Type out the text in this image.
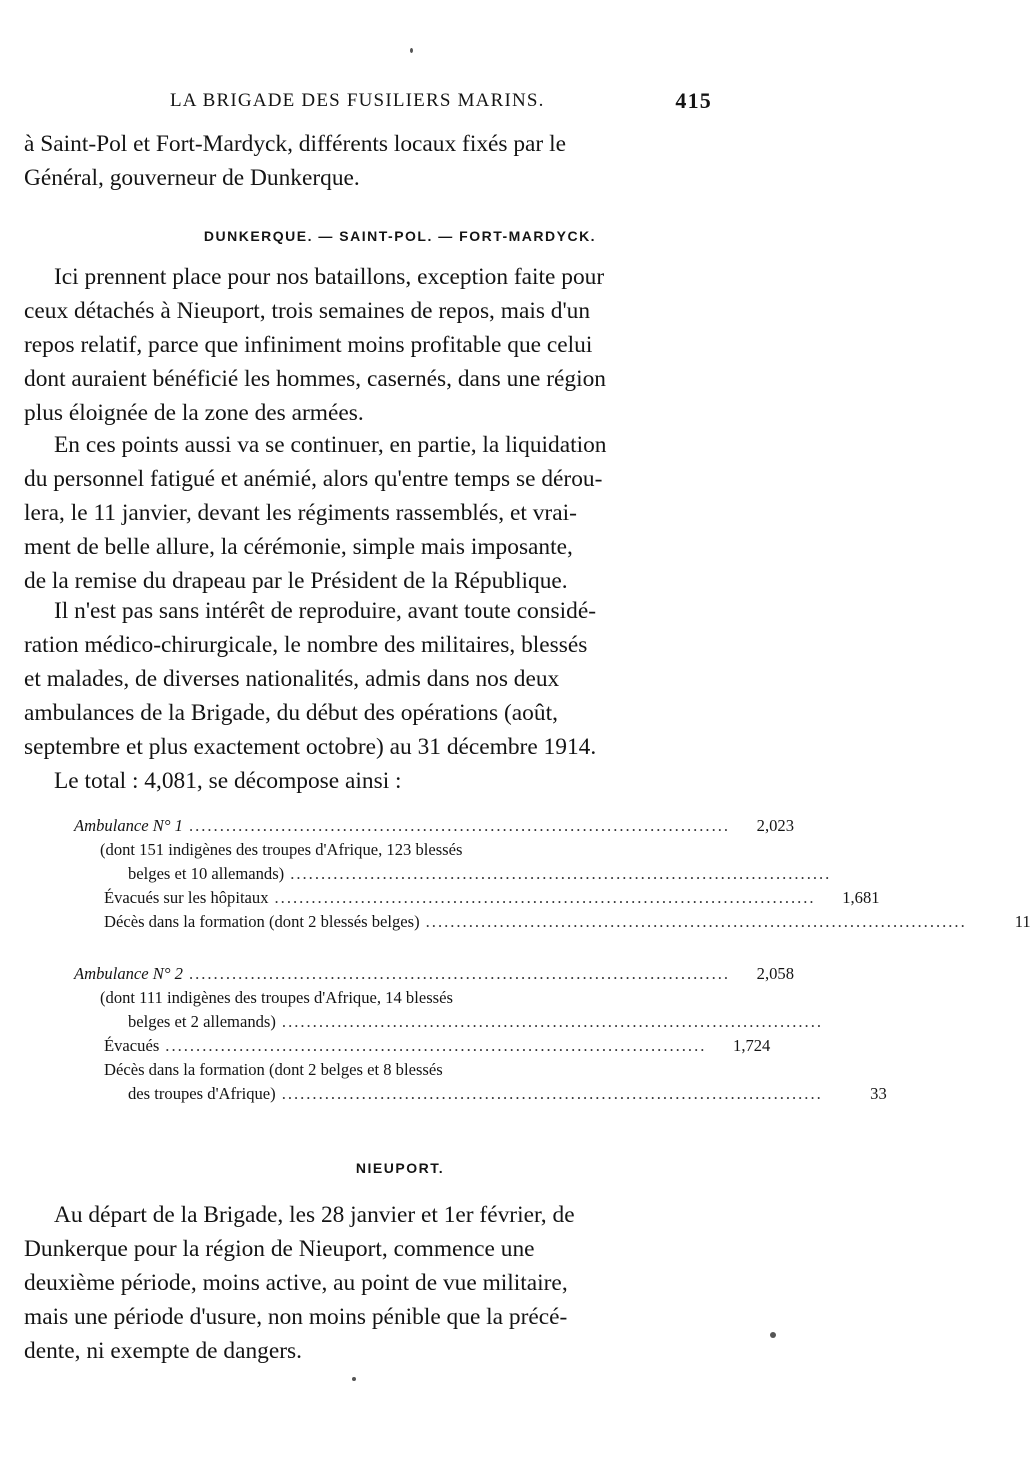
LA BRIGADE DES FUSILIERS MARINS.	415

à Saint-Pol et Fort-Mardyck, différents locaux fixés par le

Général, gouverneur de Dunkerque.

DUNKERQUE. — SAINT-POL. — FORT-MARDYCK.

Ici prennent place pour nos bataillons, exception faite pour

ceux détachés à Nieuport, trois semaines de repos, mais d'un

repos relatif, parce que infiniment moins profitable que celui

dont auraient bénéficié les hommes, casernés, dans une région

plus éloignée de la zone des armées.

En ces points aussi va se continuer, en partie, la liquidation

du personnel fatigué et anémié, alors qu'entre temps se dérou-

lera, le 11 janvier, devant les régiments rassemblés, et vrai-

ment de belle allure, la cérémonie, simple mais imposante,

de la remise du drapeau par le Président de la République.

Il n'est pas sans intérêt de reproduire, avant toute considé-

ration médico-chirurgicale, le nombre des militaires, blessés

et malades, de diverses nationalités, admis dans nos deux

ambulances de la Brigade, du début des opérations (août,

septembre et plus exactement octobre) au 31 décembre 1914.

Le total : 4,081, se décompose ainsi :

Ambulance N° 1 ........................................................................................	2,023
(dont 151 indigènes des troupes d'Afrique, 123 blessés
belges et 10 allemands) ........................................................................................
Évacués sur les hôpitaux ........................................................................................	1,681
Décès dans la formation (dont 2 blessés belges) ........................................................................................	11
Ambulance N° 2 ........................................................................................	2,058
(dont 111 indigènes des troupes d'Afrique, 14 blessés
belges et 2 allemands) ........................................................................................
Évacués ........................................................................................	1,724
Décès dans la formation (dont 2 belges et 8 blessés
des troupes d'Afrique) ........................................................................................	33
NIEUPORT.

Au départ de la Brigade, les 28 janvier et 1er février, de

Dunkerque pour la région de Nieuport, commence une

deuxième période, moins active, au point de vue militaire,

mais une période d'usure, non moins pénible que la précé-

dente, ni exempte de dangers.
